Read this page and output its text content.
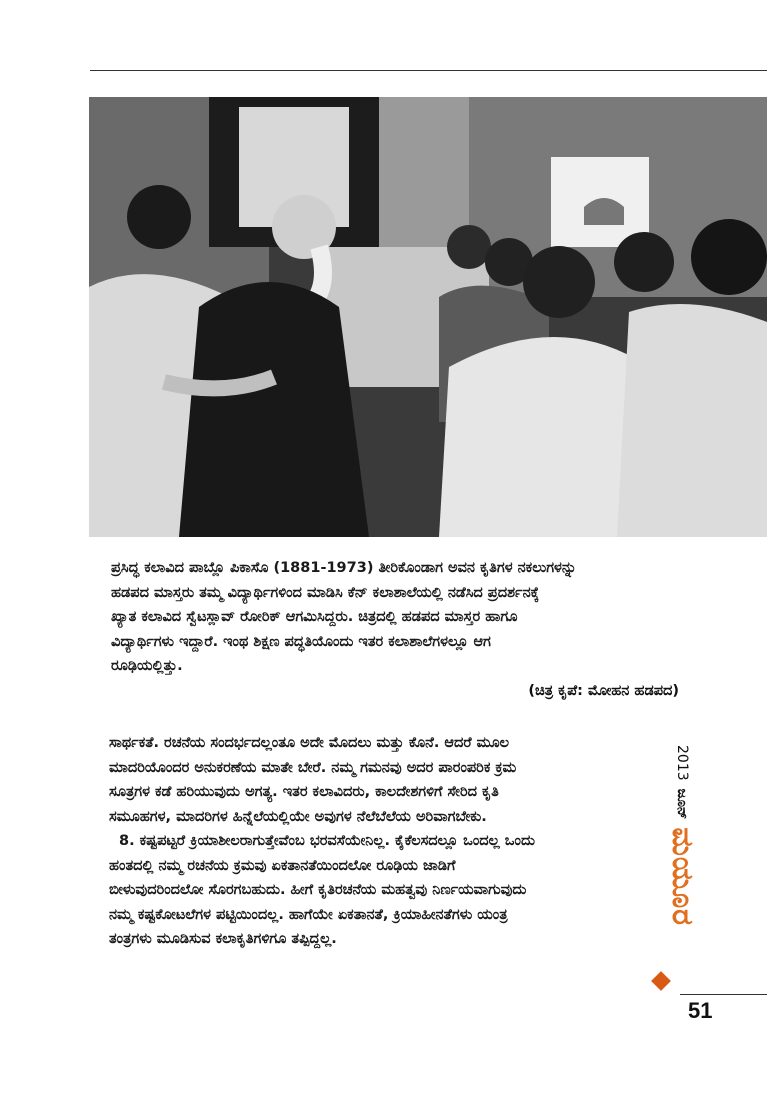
ಪ್ರಸಿದ್ಧ ಕಲಾವಿದ ಪಾಬ್ಲೊ ಪಿಕಾಸೊ (1881-1973) ತೀರಿಕೊಂಡಾಗ ಅವನ ಕೃತಿಗಳ ನಕಲುಗಳನ್ನು

ಹಡಪದ ಮಾಸ್ತರು ತಮ್ಮ ವಿದ್ಯಾರ್ಥಿಗಳಿಂದ ಮಾಡಿಸಿ ಕೆನ್ ಕಲಾಶಾಲೆಯಲ್ಲಿ ನಡೆಸಿದ ಪ್ರದರ್ಶನಕ್ಕೆ

ಖ್ಯಾತ ಕಲಾವಿದ ಸ್ವೆಟಸ್ಲಾವ್ ರೋರಿಕ್ ಆಗಮಿಸಿದ್ದರು. ಚಿತ್ರದಲ್ಲಿ ಹಡಪದ ಮಾಸ್ತರ ಹಾಗೂ

ವಿದ್ಯಾರ್ಥಿಗಳು ಇದ್ದಾರೆ. ಇಂಥ ಶಿಕ್ಷಣ ಪದ್ಧತಿಯೊಂದು ಇತರ ಕಲಾಶಾಲೆಗಳಲ್ಲೂ ಆಗ

ರೂಢಿಯಲ್ಲಿತ್ತು.

(ಚಿತ್ರ ಕೃಪೆ: ಮೋಹನ ಹಡಪದ)

ಸಾರ್ಥಕತೆ. ರಚನೆಯ ಸಂದರ್ಭದಲ್ಲಂತೂ ಅದೇ ಮೊದಲು ಮತ್ತು ಕೊನೆ. ಆದರೆ ಮೂಲ

ಮಾದರಿಯೊಂದರ ಅನುಕರಣೆಯ ಮಾತೇ ಬೇರೆ. ನಮ್ಮ ಗಮನವು ಅದರ ಪಾರಂಪರಿಕ ಕ್ರಮ

ಸೂತ್ರಗಳ ಕಡೆ ಹರಿಯುವುದು ಅಗತ್ಯ. ಇತರ ಕಲಾವಿದರು, ಕಾಲದೇಶಗಳಿಗೆ ಸೇರಿದ ಕೃತಿ

ಸಮೂಹಗಳ, ಮಾದರಿಗಳ ಹಿನ್ನೆಲೆಯಲ್ಲಿಯೇ ಅವುಗಳ ನೆಲೆಬೆಲೆಯ ಅರಿವಾಗಬೇಕು.

8. ಕಷ್ಟಪಟ್ಟರೆ ಕ್ರಿಯಾಶೀಲರಾಗುತ್ತೇವೆಂಬ ಭರವಸೆಯೇನಿಲ್ಲ. ಕೈಕೆಲಸದಲ್ಲೂ ಒಂದಲ್ಲ ಒಂದು

ಹಂತದಲ್ಲಿ ನಮ್ಮ ರಚನೆಯ ಕ್ರಮವು ಏಕತಾನತೆಯಿಂದಲೋ ರೂಢಿಯ ಜಾಡಿಗೆ

ಬೀಳುವುದರಿಂದಲೋ ಸೊರಗಬಹುದು. ಹೀಗೆ ಕೃತಿರಚನೆಯ ಮಹತ್ವವು ನಿರ್ಣಯವಾಗುವುದು

ನಮ್ಮ ಕಷ್ಟಕೋಟಲೆಗಳ ಪಟ್ಟಿಯಿಂದಲ್ಲ. ಹಾಗೆಯೇ ಏಕತಾನತೆ, ಕ್ರಿಯಾಹೀನತೆಗಳು ಯಂತ್ರ

ತಂತ್ರಗಳು ಮೂಡಿಸುವ ಕಲಾಕೃತಿಗಳಿಗೂ ತಪ್ಪಿದ್ದಲ್ಲ.

2013
ಜೂನ್
ಮಯೂರ
51
